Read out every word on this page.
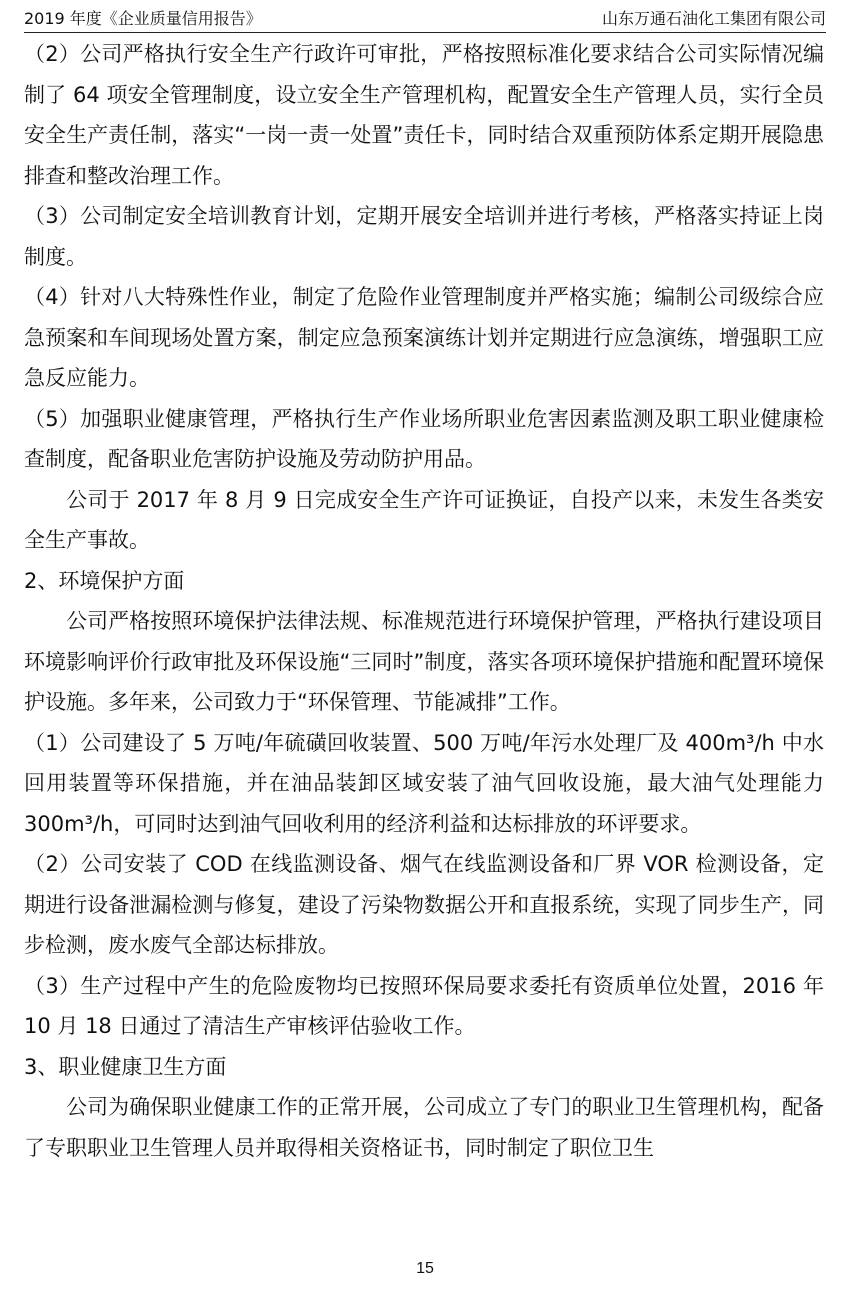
2019 年度《企业质量信用报告》	山东万通石油化工集团有限公司

（2）公司严格执行安全生产行政许可审批，严格按照标准化要求结合公司实际情况编制了 64 项安全管理制度，设立安全生产管理机构，配置安全生产管理人员，实行全员安全生产责任制，落实“一岗一责一处置”责任卡，同时结合双重预防体系定期开展隐患排查和整改治理工作。

（3）公司制定安全培训教育计划，定期开展安全培训并进行考核，严格落实持证上岗制度。

（4）针对八大特殊性作业，制定了危险作业管理制度并严格实施；编制公司级综合应急预案和车间现场处置方案，制定应急预案演练计划并定期进行应急演练，增强职工应急反应能力。

（5）加强职业健康管理，严格执行生产作业场所职业危害因素监测及职工职业健康检查制度，配备职业危害防护设施及劳动防护用品。

公司于 2017 年 8 月 9 日完成安全生产许可证换证，自投产以来，未发生各类安全生产事故。

2、环境保护方面

公司严格按照环境保护法律法规、标准规范进行环境保护管理，严格执行建设项目环境影响评价行政审批及环保设施“三同时”制度，落实各项环境保护措施和配置环境保护设施。多年来，公司致力于“环保管理、节能减排”工作。

（1）公司建设了 5 万吨/年硫磺回收装置、500 万吨/年污水处理厂及 400m³/h 中水回用装置等环保措施，并在油品装卸区域安装了油气回收设施，最大油气处理能力 300m³/h，可同时达到油气回收利用的经济利益和达标排放的环评要求。

（2）公司安装了 COD 在线监测设备、烟气在线监测设备和厂界 VOR 检测设备，定期进行设备泄漏检测与修复，建设了污染物数据公开和直报系统，实现了同步生产，同步检测，废水废气全部达标排放。

（3）生产过程中产生的危险废物均已按照环保局要求委托有资质单位处置，2016 年 10 月 18 日通过了清洁生产审核评估验收工作。

3、职业健康卫生方面

公司为确保职业健康工作的正常开展，公司成立了专门的职业卫生管理机构，配备了专职职业卫生管理人员并取得相关资格证书，同时制定了职位卫生

15
